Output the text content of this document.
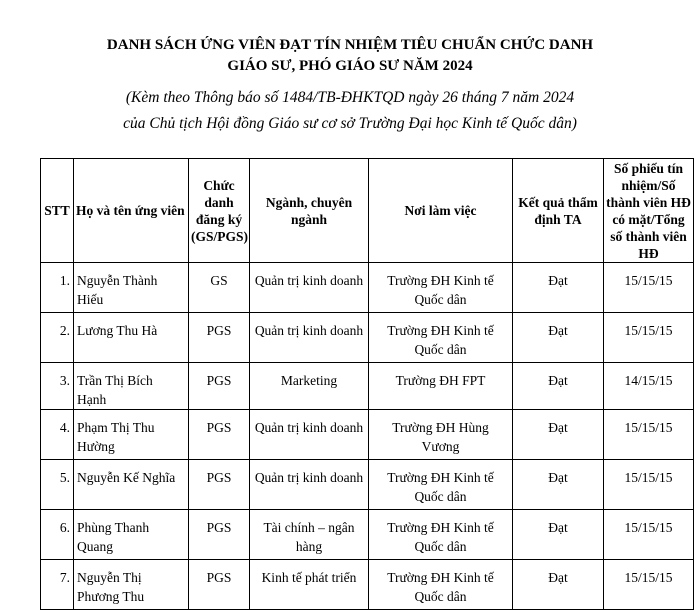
DANH SÁCH ỨNG VIÊN ĐẠT TÍN NHIỆM TIÊU CHUẨN CHỨC DANH
GIÁO SƯ, PHÓ GIÁO SƯ NĂM 2024
(Kèm theo Thông báo số 1484/TB-ĐHKTQD ngày 26 tháng 7 năm 2024
của Chủ tịch Hội đồng Giáo sư cơ sở Trường Đại học Kinh tế Quốc dân)
STT	Họ và tên ứng viên	Chức danh đăng ký (GS/PGS)	Ngành, chuyên ngành	Nơi làm việc	Kết quả thẩm định TA	Số phiếu tín nhiệm/Số thành viên HĐ có mặt/Tổng số thành viên HĐ
1.	Nguyễn Thành Hiếu	GS	Quản trị kinh doanh	Trường ĐH Kinh tế Quốc dân	Đạt	15/15/15
2.	Lương Thu Hà	PGS	Quản trị kinh doanh	Trường ĐH Kinh tế Quốc dân	Đạt	15/15/15
3.	Trần Thị Bích Hạnh	PGS	Marketing	Trường ĐH FPT	Đạt	14/15/15
4.	Phạm Thị Thu Hường	PGS	Quản trị kinh doanh	Trường ĐH Hùng Vương	Đạt	15/15/15
5.	Nguyễn Kế Nghĩa	PGS	Quản trị kinh doanh	Trường ĐH Kinh tế Quốc dân	Đạt	15/15/15
6.	Phùng Thanh Quang	PGS	Tài chính – ngân hàng	Trường ĐH Kinh tế Quốc dân	Đạt	15/15/15
7.	Nguyễn Thị Phương Thu	PGS	Kinh tế phát triển	Trường ĐH Kinh tế Quốc dân	Đạt	15/15/15
